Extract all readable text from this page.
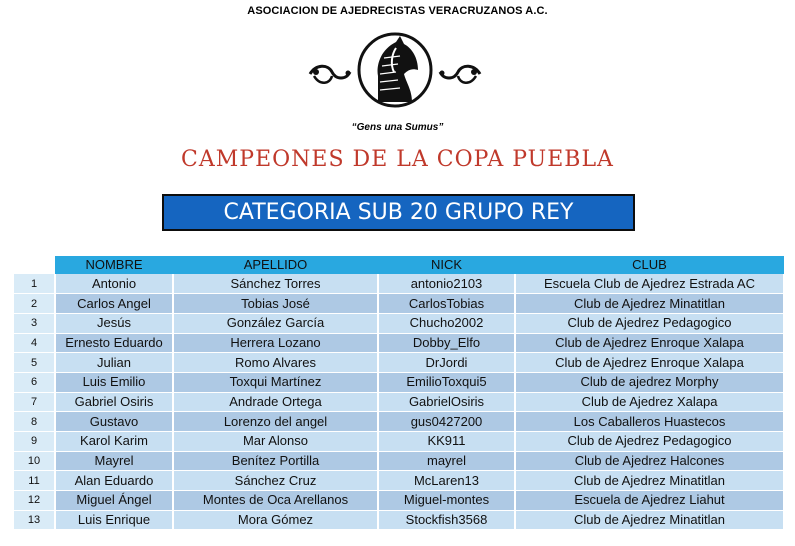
ASOCIACION DE AJEDRECISTAS VERACRUZANOS A.C.
“Gens una Sumus”
CAMPEONES DE LA COPA PUEBLA
CATEGORIA SUB 20 GRUPO REY
	NOMBRE	APELLIDO	NICK	CLUB
1	Antonio	Sánchez Torres	antonio2103	Escuela Club de Ajedrez Estrada AC
2	Carlos Angel	Tobias José	CarlosTobias	Club de Ajedrez Minatitlan
3	Jesús	González García	Chucho2002	Club de Ajedrez Pedagogico
4	Ernesto Eduardo	Herrera Lozano	Dobby_Elfo	Club de Ajedrez Enroque Xalapa
5	Julian	Romo Alvares	DrJordi	Club de Ajedrez Enroque Xalapa
6	Luis Emilio	Toxqui Martínez	EmilioToxqui5	Club de ajedrez Morphy
7	Gabriel Osiris	Andrade Ortega	GabrielOsiris	Club de Ajedrez Xalapa
8	Gustavo	Lorenzo del angel	gus0427200	Los Caballeros Huastecos
9	Karol Karim	Mar Alonso	KK911	Club de Ajedrez Pedagogico
10	Mayrel	Benítez Portilla	mayrel	Club de Ajedrez Halcones
11	Alan Eduardo	Sánchez Cruz	McLaren13	Club de Ajedrez Minatitlan
12	Miguel Ángel	Montes de Oca Arellanos	Miguel-montes	Escuela de Ajedrez Liahut
13	Luis Enrique	Mora Gómez	Stockfish3568	Club de Ajedrez Minatitlan
